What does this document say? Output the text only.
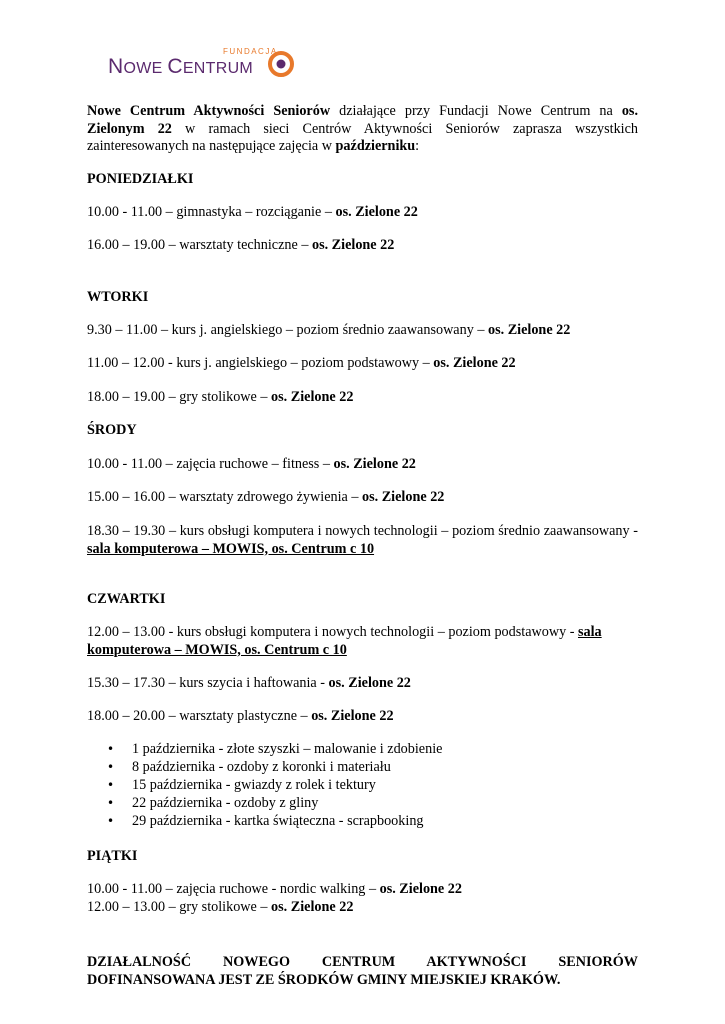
FUNDACJA
NOWE CENTRUM

Nowe Centrum Aktywności Seniorów działające przy Fundacji Nowe Centrum na os. Zielonym 22 w ramach sieci Centrów Aktywności Seniorów zaprasza wszystkich zainteresowanych na następujące zajęcia w październiku:

PONIEDZIAŁKI

10.00 - 11.00 – gimnastyka – rozciąganie – os. Zielone 22

16.00 – 19.00 – warsztaty techniczne – os. Zielone 22

WTORKI

9.30 – 11.00 – kurs j. angielskiego – poziom średnio zaawansowany – os. Zielone 22

11.00 – 12.00 - kurs j. angielskiego – poziom podstawowy – os. Zielone 22

18.00 – 19.00 – gry stolikowe – os. Zielone 22

ŚRODY

10.00 - 11.00 – zajęcia ruchowe – fitness – os. Zielone 22

15.00 – 16.00 – warsztaty zdrowego żywienia – os. Zielone 22

18.30 – 19.30 – kurs obsługi komputera i nowych technologii – poziom średnio zaawansowany - sala komputerowa – MOWIS, os. Centrum c 10

CZWARTKI

12.00 – 13.00 - kurs obsługi komputera i nowych technologii – poziom podstawowy - sala komputerowa – MOWIS, os. Centrum c 10

15.30 – 17.30 – kurs szycia i haftowania - os. Zielone 22

18.00 – 20.00 – warsztaty plastyczne – os. Zielone 22

• 1 października - złote szyszki – malowanie i zdobienie
• 8 października - ozdoby z koronki i materiału
• 15 października - gwiazdy z rolek i tektury
• 22 października - ozdoby z gliny
• 29 października - kartka świąteczna - scrapbooking

PIĄTKI

10.00 - 11.00 – zajęcia ruchowe - nordic walking – os. Zielone 22

12.00 – 13.00 – gry stolikowe – os. Zielone 22

DZIAŁALNOŚĆ NOWEGO CENTRUM AKTYWNOŚCI SENIORÓW DOFINANSOWANA JEST ZE ŚRODKÓW GMINY MIEJSKIEJ KRAKÓW.
